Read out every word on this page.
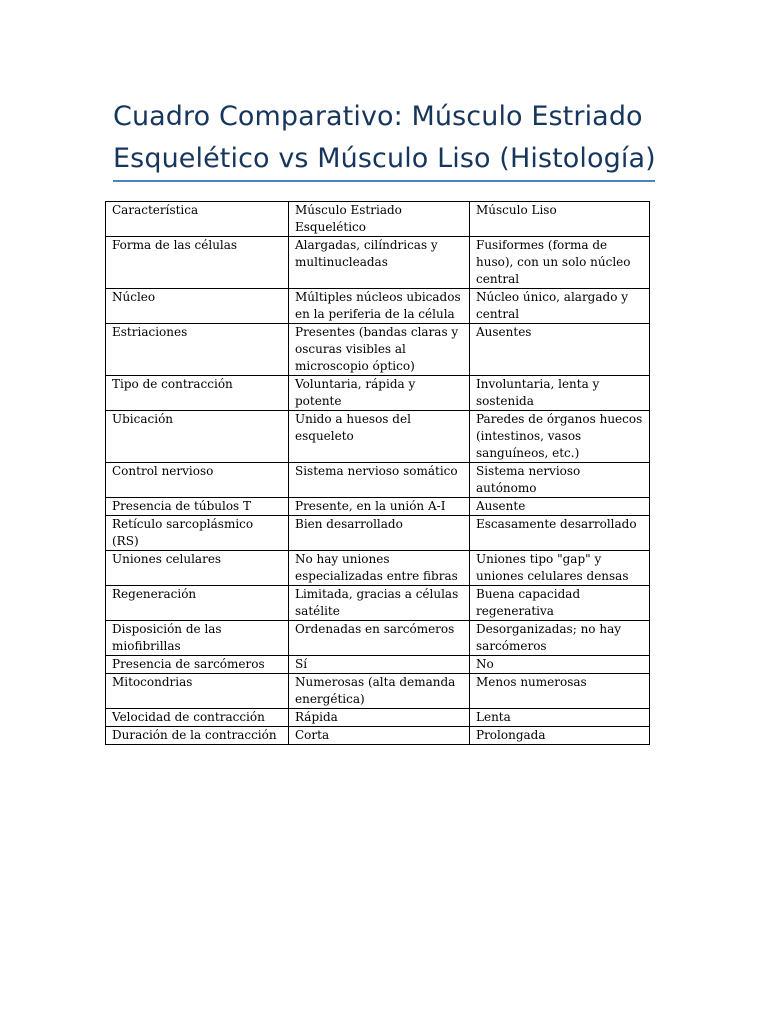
Cuadro Comparativo: Músculo Estriado Esquelético vs Músculo Liso (Histología)
Característica	Músculo Estriado Esquelético	Músculo Liso
Forma de las células	Alargadas, cilíndricas y multinucleadas	Fusiformes (forma de huso), con un solo núcleo central
Núcleo	Múltiples núcleos ubicados en la periferia de la célula	Núcleo único, alargado y central
Estriaciones	Presentes (bandas claras y oscuras visibles al microscopio óptico)	Ausentes
Tipo de contracción	Voluntaria, rápida y potente	Involuntaria, lenta y sostenida
Ubicación	Unido a huesos del esqueleto	Paredes de órganos huecos (intestinos, vasos sanguíneos, etc.)
Control nervioso	Sistema nervioso somático	Sistema nervioso autónomo
Presencia de túbulos T	Presente, en la unión A-I	Ausente
Retículo sarcoplásmico (RS)	Bien desarrollado	Escasamente desarrollado
Uniones celulares	No hay uniones especializadas entre fibras	Uniones tipo "gap" y uniones celulares densas
Regeneración	Limitada, gracias a células satélite	Buena capacidad regenerativa
Disposición de las miofibrillas	Ordenadas en sarcómeros	Desorganizadas; no hay sarcómeros
Presencia de sarcómeros	Sí	No
Mitocondrias	Numerosas (alta demanda energética)	Menos numerosas
Velocidad de contracción	Rápida	Lenta
Duración de la contracción	Corta	Prolongada
